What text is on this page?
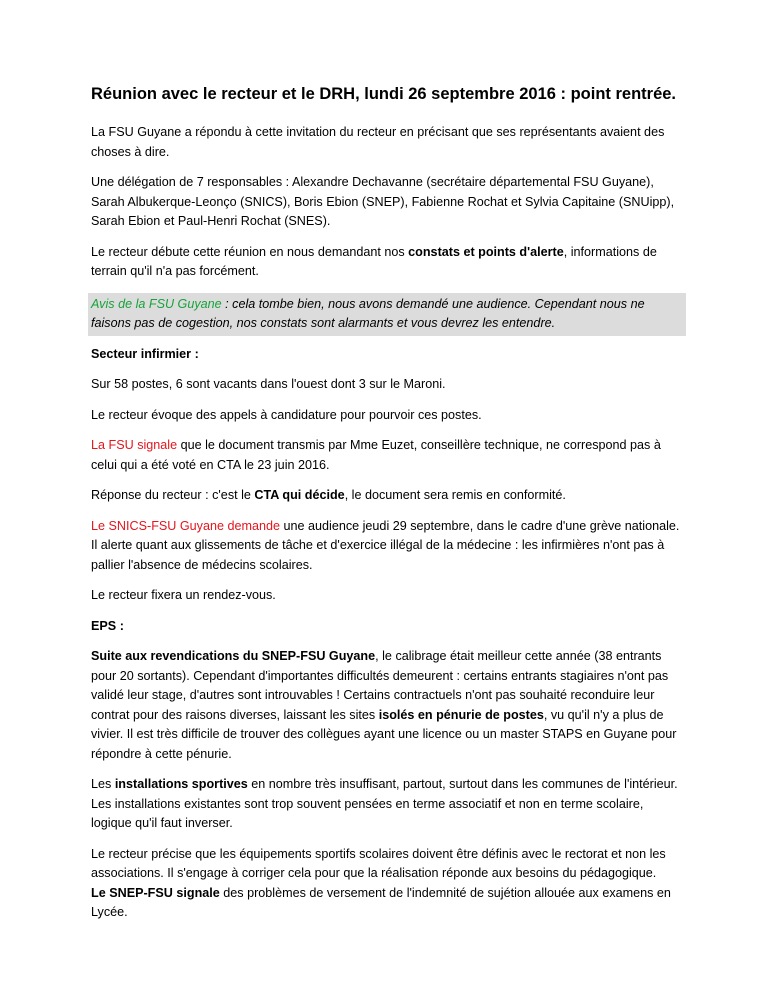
Réunion avec le recteur et le DRH, lundi 26 septembre 2016 : point rentrée.

La FSU Guyane a répondu à cette invitation du recteur en précisant que ses représentants avaient des choses à dire.

Une délégation de 7 responsables : Alexandre Dechavanne (secrétaire départemental FSU Guyane), Sarah Albukerque-Leonço (SNICS), Boris Ebion (SNEP), Fabienne Rochat et Sylvia Capitaine (SNUipp), Sarah Ebion et Paul-Henri Rochat (SNES).

Le recteur débute cette réunion en nous demandant nos constats et points d'alerte, informations de terrain qu'il n'a pas forcément.

Avis de la FSU Guyane : cela tombe bien, nous avons demandé une audience. Cependant nous ne faisons pas de cogestion, nos constats sont alarmants et vous devrez les entendre.

Secteur infirmier :

Sur 58 postes, 6 sont vacants dans l'ouest dont 3 sur le Maroni.

Le recteur évoque des appels à candidature pour pourvoir ces postes.

La FSU signale que le document transmis par Mme Euzet, conseillère technique, ne correspond pas à celui qui a été voté en CTA le 23 juin 2016.

Réponse du recteur : c'est le CTA qui décide, le document sera remis en conformité.

Le SNICS-FSU Guyane demande une audience jeudi 29 septembre, dans le cadre d'une grève nationale. Il alerte quant aux glissements de tâche et d'exercice illégal de la médecine : les infirmières n'ont pas à pallier l'absence de médecins scolaires.

Le recteur fixera un rendez-vous.

EPS :

Suite aux revendications du SNEP-FSU Guyane, le calibrage était meilleur cette année (38 entrants pour 20 sortants). Cependant d'importantes difficultés demeurent : certains entrants stagiaires n'ont pas validé leur stage, d'autres sont introuvables ! Certains contractuels n'ont pas souhaité reconduire leur contrat pour des raisons diverses, laissant les sites isolés en pénurie de postes, vu qu'il n'y a plus de vivier. Il est très difficile de trouver des collègues ayant une licence ou un master STAPS en Guyane pour répondre à cette pénurie.

Les installations sportives en nombre très insuffisant, partout, surtout dans les communes de l'intérieur. Les installations existantes sont trop souvent pensées en terme associatif et non en terme scolaire, logique qu'il faut inverser.

Le recteur précise que les équipements sportifs scolaires doivent être définis avec le rectorat et non les associations. Il s'engage à corriger cela pour que la réalisation réponde aux besoins du pédagogique.

Le SNEP-FSU signale des problèmes de versement de l'indemnité de sujétion allouée aux examens en Lycée.
